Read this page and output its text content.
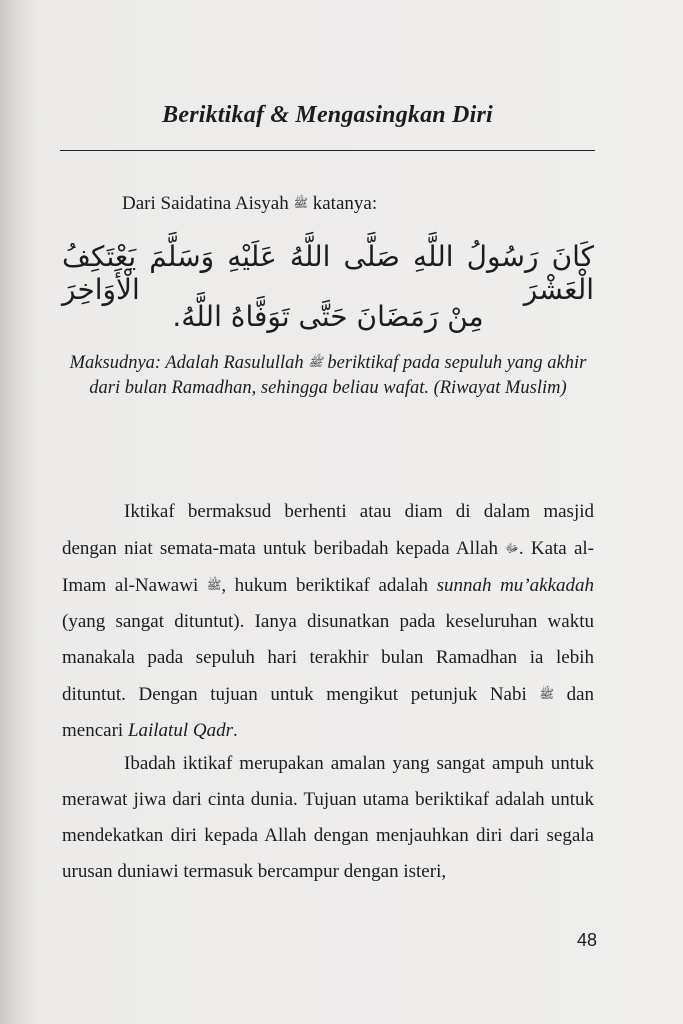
Beriktikaf & Mengasingkan Diri
Dari Saidatina Aisyah ﷺ katanya:
كَانَ رَسُولُ اللَّهِ صَلَّى اللَّهُ عَلَيْهِ وَسَلَّمَ يَعْتَكِفُ الْعَشْرَ الْأَوَاخِرَ
مِنْ رَمَضَانَ حَتَّى تَوَفَّاهُ اللَّهُ.
Maksudnya: Adalah Rasulullah ﷺ beriktikaf pada sepuluh yang akhir dari bulan Ramadhan, sehingga beliau wafat. (Riwayat Muslim)
Iktikaf bermaksud berhenti atau diam di dalam masjid dengan niat semata-mata untuk beribadah kepada Allah ﷻ. Kata al-Imam al-Nawawi ﷺ, hukum beriktikaf adalah sunnah mu’akkadah (yang sangat dituntut). Ianya disunatkan pada keseluruhan waktu manakala pada sepuluh hari terakhir bulan Ramadhan ia lebih dituntut. Dengan tujuan untuk mengikut petunjuk Nabi ﷺ dan mencari Lailatul Qadr.
Ibadah iktikaf merupakan amalan yang sangat ampuh untuk merawat jiwa dari cinta dunia. Tujuan utama beriktikaf adalah untuk mendekatkan diri kepada Allah dengan menjauhkan diri dari segala urusan duniawi termasuk bercampur dengan isteri,
48
